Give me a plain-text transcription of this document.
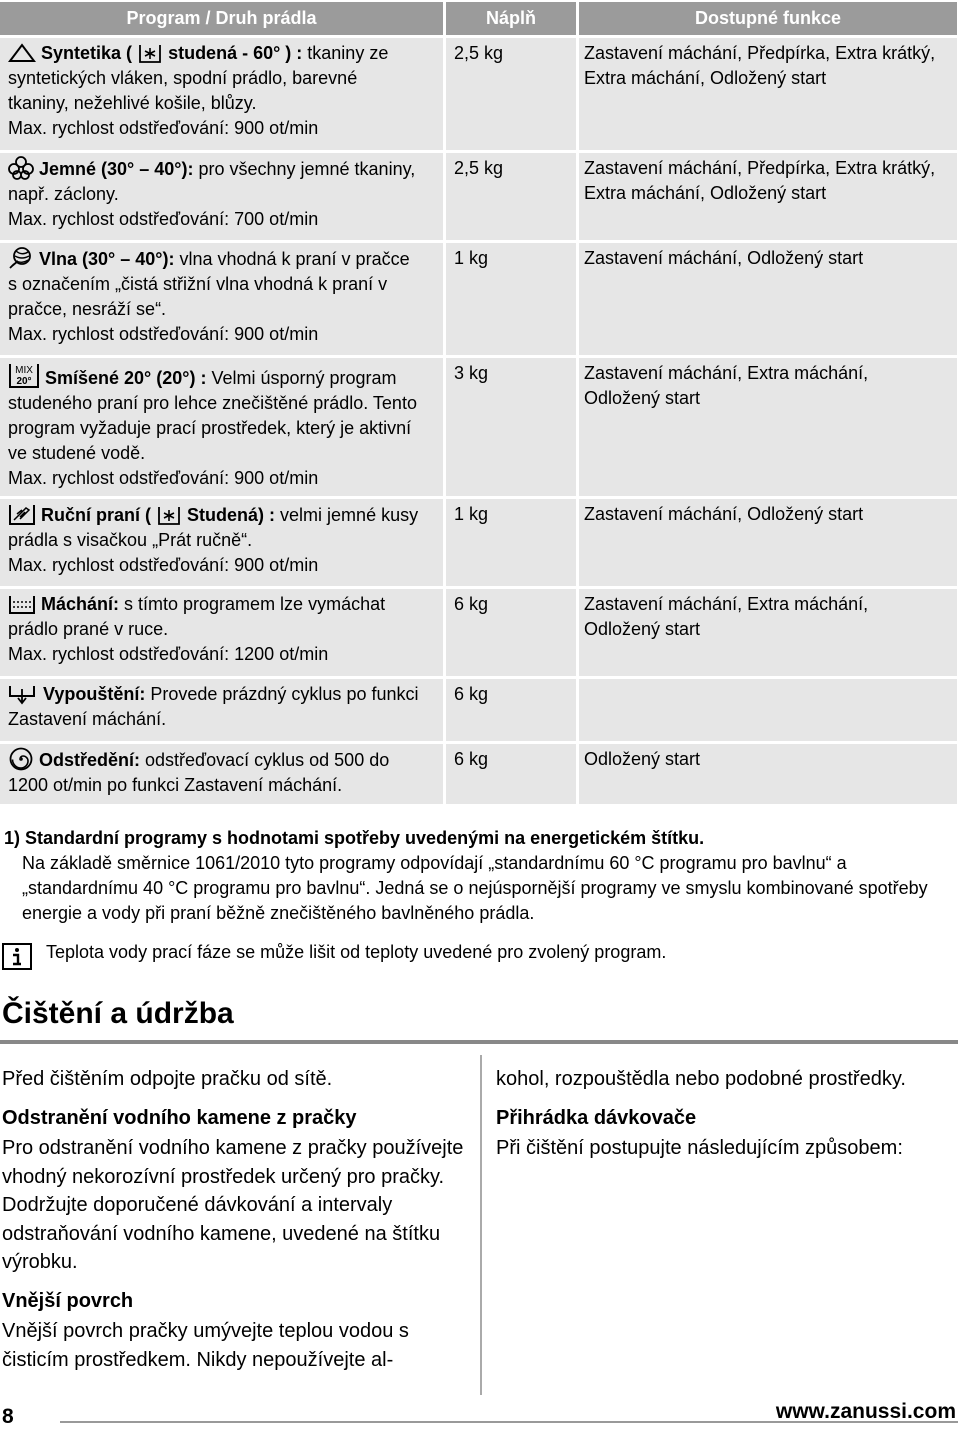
Program / Druh prádla	Náplň	Dostupné funkce
Syntetika ( studená - 60° ) : tkaniny ze syntetických vláken, spodní prádlo, barevné tkaniny, nežehlivé košile, blůzy.
Max. rychlost odstřeďování: 900 ot/min
2,5 kg	Zastavení máchání, Předpírka, Extra krátký, Extra máchání, Odložený start
Jemné (30° – 40°): pro všechny jemné tkaniny, např. záclony.
Max. rychlost odstřeďování: 700 ot/min
2,5 kg	Zastavení máchání, Předpírka, Extra krátký, Extra máchání, Odložený start
Vlna (30° – 40°): vlna vhodná k praní v pračce s označením „čistá střižní vlna vhodná k praní v pračce, nesráží se“.
Max. rychlost odstřeďování: 900 ot/min
1 kg	Zastavení máchání, Odložený start
MIX
20° Smíšené 20° (20°) : Velmi úsporný program studeného praní pro lehce znečištěné prádlo. Tento program vyžaduje prací prostředek, který je aktivní ve studené vodě.
Max. rychlost odstřeďování: 900 ot/min
3 kg	Zastavení máchání, Extra máchání, Odložený start
Ruční praní ( Studená) : velmi jemné kusy prádla s visačkou „Prát ručně“.
Max. rychlost odstřeďování: 900 ot/min
1 kg	Zastavení máchání, Odložený start
Máchání: s tímto programem lze vymáchat prádlo prané v ruce.
Max. rychlost odstřeďování: 1200 ot/min
6 kg	Zastavení máchání, Extra máchání, Odložený start
Vypouštění: Provede prázdný cyklus po funkci Zastavení máchání.
6 kg
Odstředění: odstřeďovací cyklus od 500 do 1200 ot/min po funkci Zastavení máchání.
6 kg	Odložený start
1) Standardní programy s hodnotami spotřeby uvedenými na energetickém štítku.
Na základě směrnice 1061/2010 tyto programy odpovídají „standardnímu 60 °C programu pro bavlnu“ a „standardnímu 40 °C programu pro bavlnu“. Jedná se o nejúspornější programy ve smyslu kombinované spotřeby energie a vody při praní běžně znečištěného bavlněného prádla.
Teplota vody prací fáze se může lišit od teploty uvedené pro zvolený program.
Čištění a údržba

Před čištěním odpojte pračku od sítě.

Odstranění vodního kamene z pračky

Pro odstranění vodního kamene z pračky používejte vhodný nekorozívní prostředek určený pro pračky. Dodržujte doporučené dávkování a intervaly odstraňování vodního kamene, uvedené na štítku výrobku.

Vnější povrch

Vnější povrch pračky umývejte teplou vodou s čisticím prostředkem. Nikdy nepoužívejte al-

kohol, rozpouštědla nebo podobné prostředky.

Přihrádka dávkovače

Při čištění postupujte následujícím způsobem:

8	www.zanussi.com
